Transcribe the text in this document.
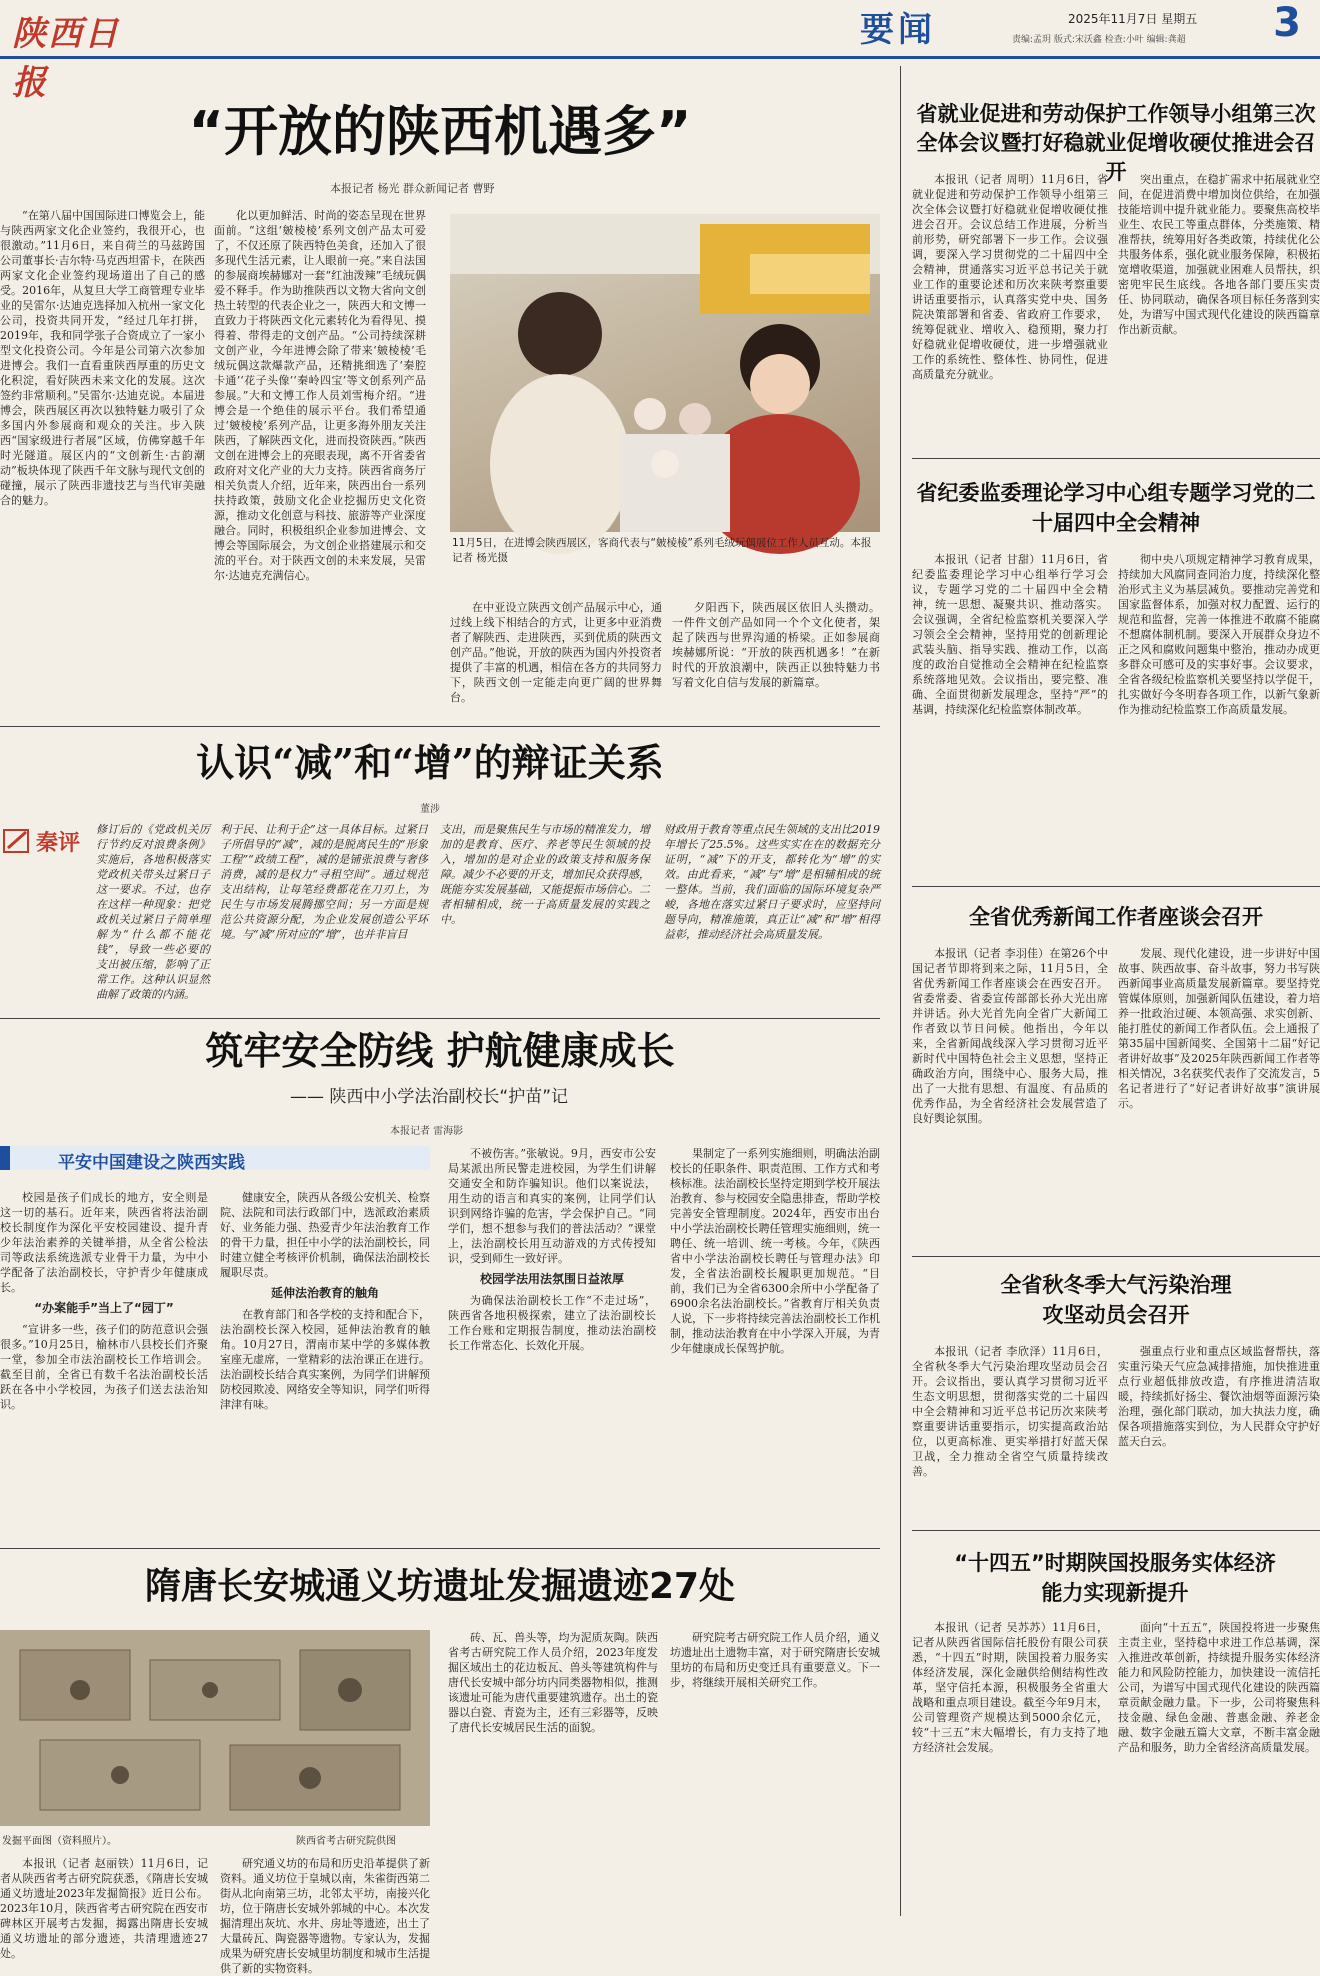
陕西日报
要闻	2025年11月7日 星期五
责编:孟玥 版式:宋沃鑫 检查:小叶 编辑:龚超	3
“开放的陕西机遇多”
本报记者 杨光 群众新闻记者 曹野

“在第八届中国国际进口博览会上，能与陕西两家文化企业签约，我很开心，也很激动。”11月6日，来自荷兰的马兹跨国公司董事长·吉尔特·马克西坦雷卡，在陕西两家文化企业签约现场道出了自己的感受。2016年，从复旦大学工商管理专业毕业的吴雷尔·达迪克选择加入杭州一家文化公司，投资共同开发，“经过几年打拼，2019年，我和同学张子合资成立了一家小型文化投资公司。今年是公司第六次参加进博会。我们一直看重陕西厚重的历史文化积淀，看好陕西未来文化的发展。这次签约非常顺利。”吴雷尔·达迪克说。本届进博会，陕西展区再次以独特魅力吸引了众多国内外参展商和观众的关注。步入陕西“国家级进行者展”区域，仿佛穿越千年时光隧道。展区内的“文创新生·古韵潮动”板块体现了陕西千年文脉与现代文创的碰撞，展示了陕西非遗技艺与当代审美融合的魅力。

化以更加鲜活、时尚的姿态呈现在世界面前。“这组‘皴棱棱’系列文创产品太可爱了，不仅还原了陕西特色美食，还加入了很多现代生活元素，让人眼前一亮。”来自法国的参展商埃赫娜对一套“红油泼辣”毛绒玩偶爱不释手。作为助推陕西以文物大省向文创热土转型的代表企业之一，陕西大和文博一直致力于将陕西文化元素转化为看得见、摸得着、带得走的文创产品。“公司持续深耕文创产业，今年进博会除了带来‘皴棱棱’毛绒玩偶这款爆款产品，还精挑细选了‘秦腔卡通’‘花子头像’‘秦岭四宝’等文创系列产品参展。”大和文博工作人员刘雪梅介绍。“进博会是一个绝佳的展示平台。我们希望通过‘皴棱棱’系列产品，让更多海外朋友关注陕西，了解陕西文化，进而投资陕西。”陕西文创在进博会上的亮眼表现，离不开省委省政府对文化产业的大力支持。陕西省商务厅相关负责人介绍，近年来，陕西出台一系列扶持政策，鼓励文化企业挖掘历史文化资源，推动文化创意与科技、旅游等产业深度融合。同时，积极组织企业参加进博会、文博会等国际展会，为文创企业搭建展示和交流的平台。对于陕西文创的未来发展，吴雷尔·达迪克充满信心。

11月5日，在进博会陕西展区，客商代表与“皴棱棱”系列毛绒玩偶展位工作人员互动。本报记者 杨光摄

在中亚设立陕西文创产品展示中心，通过线上线下相结合的方式，让更多中亚消费者了解陕西、走进陕西，买到优质的陕西文创产品。”他说，开放的陕西为国内外投资者提供了丰富的机遇，相信在各方的共同努力下，陕西文创一定能走向更广阔的世界舞台。

夕阳西下，陕西展区依旧人头攒动。一件件文创产品如同一个个文化使者，架起了陕西与世界沟通的桥梁。正如参展商埃赫娜所说：“开放的陕西机遇多！”在新时代的开放浪潮中，陕西正以独特魅力书写着文化自信与发展的新篇章。

认识“减”和“增”的辩证关系
董涉
秦评
修订后的《党政机关厉行节约反对浪费条例》实施后，各地积极落实党政机关带头过紧日子这一要求。不过，也存在这样一种现象：把党政机关过紧日子简单理解为“什么都不能花钱”，导致一些必要的支出被压缩，影响了正常工作。这种认识显然曲解了政策的内涵。
利于民、让利于企”这一具体目标。过紧日子所倡导的“减”，减的是脱离民生的“形象工程”“政绩工程”，减的是铺张浪费与奢侈消费，减的是权力“寻租空间”。通过规范支出结构，让每笔经费都花在刀刃上，为民生与市场发展腾挪空间；另一方面是规范公共资源分配，为企业发展创造公平环境。与“减”所对应的“增”，也并非盲目
支出，而是聚焦民生与市场的精准发力，增加的是教育、医疗、养老等民生领域的投入，增加的是对企业的政策支持和服务保障。减少不必要的开支，增加民众获得感，既能夯实发展基础，又能提振市场信心。二者相辅相成，统一于高质量发展的实践之中。
财政用于教育等重点民生领域的支出比2019年增长了25.5%。这些实实在在的数据充分证明，“减”下的开支，都转化为“增”的实效。由此看来，“减”与“增”是相辅相成的统一整体。当前，我们面临的国际环境复杂严峻，各地在落实过紧日子要求时，应坚持问题导向，精准施策，真正让“减”和“增”相得益彰，推动经济社会高质量发展。
筑牢安全防线 护航健康成长
—— 陕西中小学法治副校长“护苗”记
本报记者 雷海影
平安中国建设之陕西实践

校园是孩子们成长的地方，安全则是这一切的基石。近年来，陕西省将法治副校长制度作为深化平安校园建设、提升青少年法治素养的关键举措，从全省公检法司等政法系统选派专业骨干力量，为中小学配备了法治副校长，守护青少年健康成长。

“办案能手”当上了“园丁”

“宣讲多一些，孩子们的防范意识会强很多。”10月25日，榆林市八县校长们齐聚一堂，参加全市法治副校长工作培训会。截至目前，全省已有数千名法治副校长活跃在各中小学校园，为孩子们送去法治知识。

健康安全，陕西从各级公安机关、检察院、法院和司法行政部门中，选派政治素质好、业务能力强、热爱青少年法治教育工作的骨干力量，担任中小学的法治副校长，同时建立健全考核评价机制，确保法治副校长履职尽责。

延伸法治教育的触角

在教育部门和各学校的支持和配合下，法治副校长深入校园，延伸法治教育的触角。10月27日，渭南市某中学的多媒体教室座无虚席，一堂精彩的法治课正在进行。法治副校长结合真实案例，为同学们讲解预防校园欺凌、网络安全等知识，同学们听得津津有味。

不被伤害。”张敏说。9月，西安市公安局某派出所民警走进校园，为学生们讲解交通安全和防诈骗知识。他们以案说法，用生动的语言和真实的案例，让同学们认识到网络诈骗的危害，学会保护自己。“同学们，想不想参与我们的普法活动？”课堂上，法治副校长用互动游戏的方式传授知识，受到师生一致好评。

校园学法用法氛围日益浓厚

为确保法治副校长工作“不走过场”，陕西省各地积极探索，建立了法治副校长工作台账和定期报告制度，推动法治副校长工作常态化、长效化开展。

果制定了一系列实施细则，明确法治副校长的任职条件、职责范围、工作方式和考核标准。法治副校长坚持定期到学校开展法治教育、参与校园安全隐患排查，帮助学校完善安全管理制度。2024年，西安市出台中小学法治副校长聘任管理实施细则，统一聘任、统一培训、统一考核。今年，《陕西省中小学法治副校长聘任与管理办法》印发，全省法治副校长履职更加规范。“目前，我们已为全省6300余所中小学配备了6900余名法治副校长。”省教育厅相关负责人说，下一步将持续完善法治副校长工作机制，推动法治教育在中小学深入开展，为青少年健康成长保驾护航。

隋唐长安城通义坊遗址发掘遗迹27处
发掘平面图（资料照片）。	陕西省考古研究院供图

本报讯（记者 赵丽铁）11月6日，记者从陕西省考古研究院获悉，《隋唐长安城通义坊遗址2023年发掘简报》近日公布。2023年10月，陕西省考古研究院在西安市碑林区开展考古发掘，揭露出隋唐长安城通义坊遗址的部分遗迹，共清理遗迹27处。

研究通义坊的布局和历史沿革提供了新资料。通义坊位于皇城以南，朱雀街西第二街从北向南第三坊，北邻太平坊，南接兴化坊，位于隋唐长安城外郭城的中心。本次发掘清理出灰坑、水井、房址等遗迹，出土了大量砖瓦、陶瓷器等遗物。专家认为，发掘成果为研究唐长安城里坊制度和城市生活提供了新的实物资料。

砖、瓦、兽头等，均为泥质灰陶。陕西省考古研究院工作人员介绍，2023年度发掘区域出土的花边板瓦、兽头等建筑构件与唐代长安城中部分坊内同类器物相似，推测该遗址可能为唐代重要建筑遗存。出土的瓷器以白瓷、青瓷为主，还有三彩器等，反映了唐代长安城居民生活的面貌。

研究院考古研究院工作人员介绍，通义坊遗址出土遗物丰富，对于研究隋唐长安城里坊的布局和历史变迁具有重要意义。下一步，将继续开展相关研究工作。

省就业促进和劳动保护工作领导小组第三次全体会议暨打好稳就业促增收硬仗推进会召开

本报讯（记者 周明）11月6日，省就业促进和劳动保护工作领导小组第三次全体会议暨打好稳就业促增收硬仗推进会召开。会议总结工作进展，分析当前形势，研究部署下一步工作。会议强调，要深入学习贯彻党的二十届四中全会精神，贯通落实习近平总书记关于就业工作的重要论述和历次来陕考察重要讲话重要指示，认真落实党中央、国务院决策部署和省委、省政府工作要求，统筹促就业、增收入、稳预期，聚力打好稳就业促增收硬仗，进一步增强就业工作的系统性、整体性、协同性，促进高质量充分就业。

突出重点，在稳扩需求中拓展就业空间，在促进消费中增加岗位供给，在加强技能培训中提升就业能力。要聚焦高校毕业生、农民工等重点群体，分类施策、精准帮扶，统筹用好各类政策，持续优化公共服务体系，强化就业服务保障，积极拓宽增收渠道，加强就业困难人员帮扶，织密兜牢民生底线。各地各部门要压实责任、协同联动，确保各项目标任务落到实处，为谱写中国式现代化建设的陕西篇章作出新贡献。

省纪委监委理论学习中心组专题学习党的二十届四中全会精神

本报讯（记者 甘甜）11月6日，省纪委监委理论学习中心组举行学习会议，专题学习党的二十届四中全会精神，统一思想、凝聚共识、推动落实。会议强调，全省纪检监察机关要深入学习领会全会精神，坚持用党的创新理论武装头脑、指导实践、推动工作，以高度的政治自觉推动全会精神在纪检监察系统落地见效。会议指出，要完整、准确、全面贯彻新发展理念，坚持“严”的基调，持续深化纪检监察体制改革。

彻中央八项规定精神学习教育成果，持续加大风腐同查同治力度，持续深化整治形式主义为基层减负。要推动完善党和国家监督体系，加强对权力配置、运行的规范和监督，完善一体推进不敢腐不能腐不想腐体制机制。要深入开展群众身边不正之风和腐败问题集中整治，推动办成更多群众可感可及的实事好事。会议要求，全省各级纪检监察机关要坚持以学促干，扎实做好今冬明春各项工作，以新气象新作为推动纪检监察工作高质量发展。

全省优秀新闻工作者座谈会召开

本报讯（记者 李羽佳）在第26个中国记者节即将到来之际，11月5日，全省优秀新闻工作者座谈会在西安召开。省委常委、省委宣传部部长孙大光出席并讲话。孙大光首先向全省广大新闻工作者致以节日问候。他指出，今年以来，全省新闻战线深入学习贯彻习近平新时代中国特色社会主义思想，坚持正确政治方向，围绕中心、服务大局，推出了一大批有思想、有温度、有品质的优秀作品，为全省经济社会发展营造了良好舆论氛围。

发展、现代化建设，进一步讲好中国故事、陕西故事、奋斗故事，努力书写陕西新闻事业高质量发展新篇章。要坚持党管媒体原则，加强新闻队伍建设，着力培养一批政治过硬、本领高强、求实创新、能打胜仗的新闻工作者队伍。会上通报了第35届中国新闻奖、全国第十二届“好记者讲好故事”及2025年陕西新闻工作者等相关情况，3名获奖代表作了交流发言，5名记者进行了“好记者讲好故事”演讲展示。

全省秋冬季大气污染治理攻坚动员会召开

本报讯（记者 李欣泽）11月6日，全省秋冬季大气污染治理攻坚动员会召开。会议指出，要认真学习贯彻习近平生态文明思想，贯彻落实党的二十届四中全会精神和习近平总书记历次来陕考察重要讲话重要指示，切实提高政治站位，以更高标准、更实举措打好蓝天保卫战，全力推动全省空气质量持续改善。

强重点行业和重点区域监督帮扶，落实重污染天气应急减排措施，加快推进重点行业超低排放改造，有序推进清洁取暖，持续抓好扬尘、餐饮油烟等面源污染治理，强化部门联动，加大执法力度，确保各项措施落实到位，为人民群众守护好蓝天白云。

“十四五”时期陕国投服务实体经济能力实现新提升

本报讯（记者 吴苏苏）11月6日，记者从陕西省国际信托股份有限公司获悉，“十四五”时期，陕国投着力服务实体经济发展，深化金融供给侧结构性改革，坚守信托本源，积极服务全省重大战略和重点项目建设。截至今年9月末，公司管理资产规模达到5000余亿元，较“十三五”末大幅增长，有力支持了地方经济社会发展。

面向“十五五”，陕国投将进一步聚焦主责主业，坚持稳中求进工作总基调，深入推进改革创新，持续提升服务实体经济能力和风险防控能力，加快建设一流信托公司，为谱写中国式现代化建设的陕西篇章贡献金融力量。下一步，公司将聚焦科技金融、绿色金融、普惠金融、养老金融、数字金融五篇大文章，不断丰富金融产品和服务，助力全省经济高质量发展。
